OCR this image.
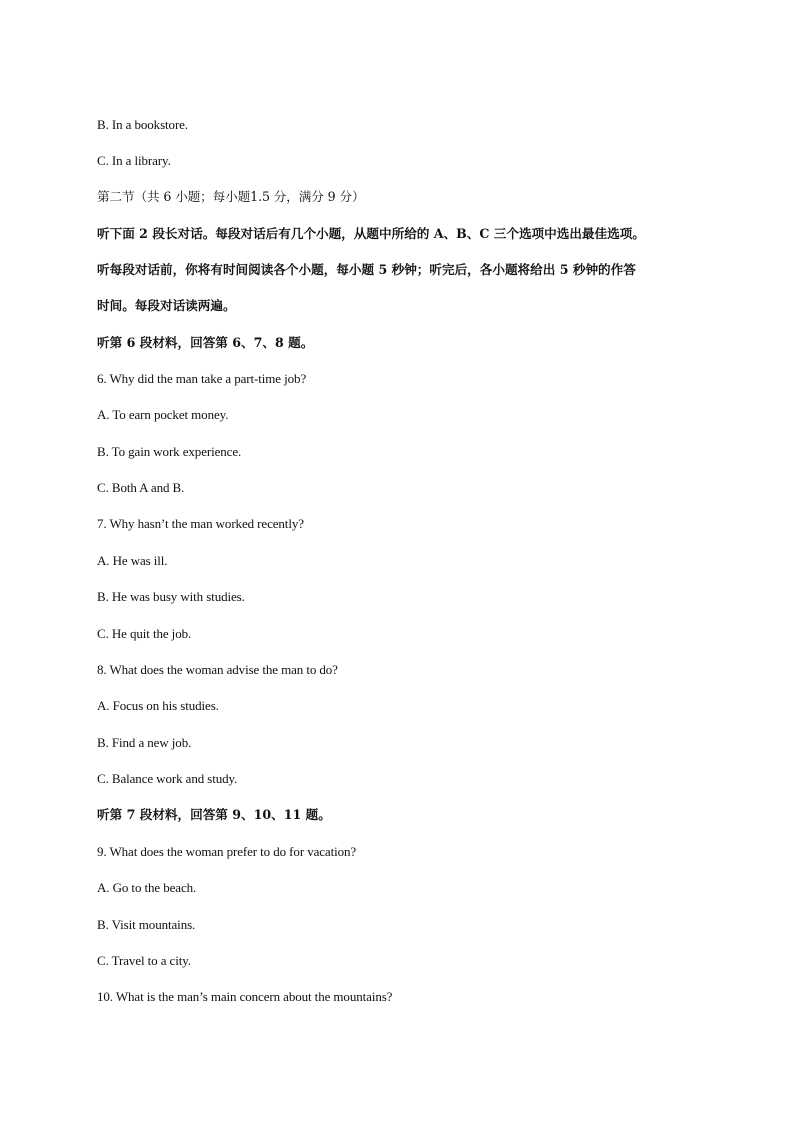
B. In a bookstore.
C. In a library.
第二节（共 6 小题；每小题1.5 分，满分 9 分）
听下面 2 段长对话。每段对话后有几个小题，从题中所给的 A、B、C 三个选项中选出最佳选项。
听每段对话前，你将有时间阅读各个小题，每小题 5 秒钟；听完后，各小题将给出 5 秒钟的作答
时间。每段对话读两遍。
听第 6 段材料，回答第 6、7、8 题。
6. Why did the man take a part-time job?
A. To earn pocket money.
B. To gain work experience.
C. Both A and B.
7. Why hasn’t the man worked recently?
A. He was ill.
B. He was busy with studies.
C. He quit the job.
8. What does the woman advise the man to do?
A. Focus on his studies.
B. Find a new job.
C. Balance work and study.
听第 7 段材料，回答第 9、10、11 题。
9. What does the woman prefer to do for vacation?
A. Go to the beach.
B. Visit mountains.
C. Travel to a city.
10. What is the man’s main concern about the mountains?
